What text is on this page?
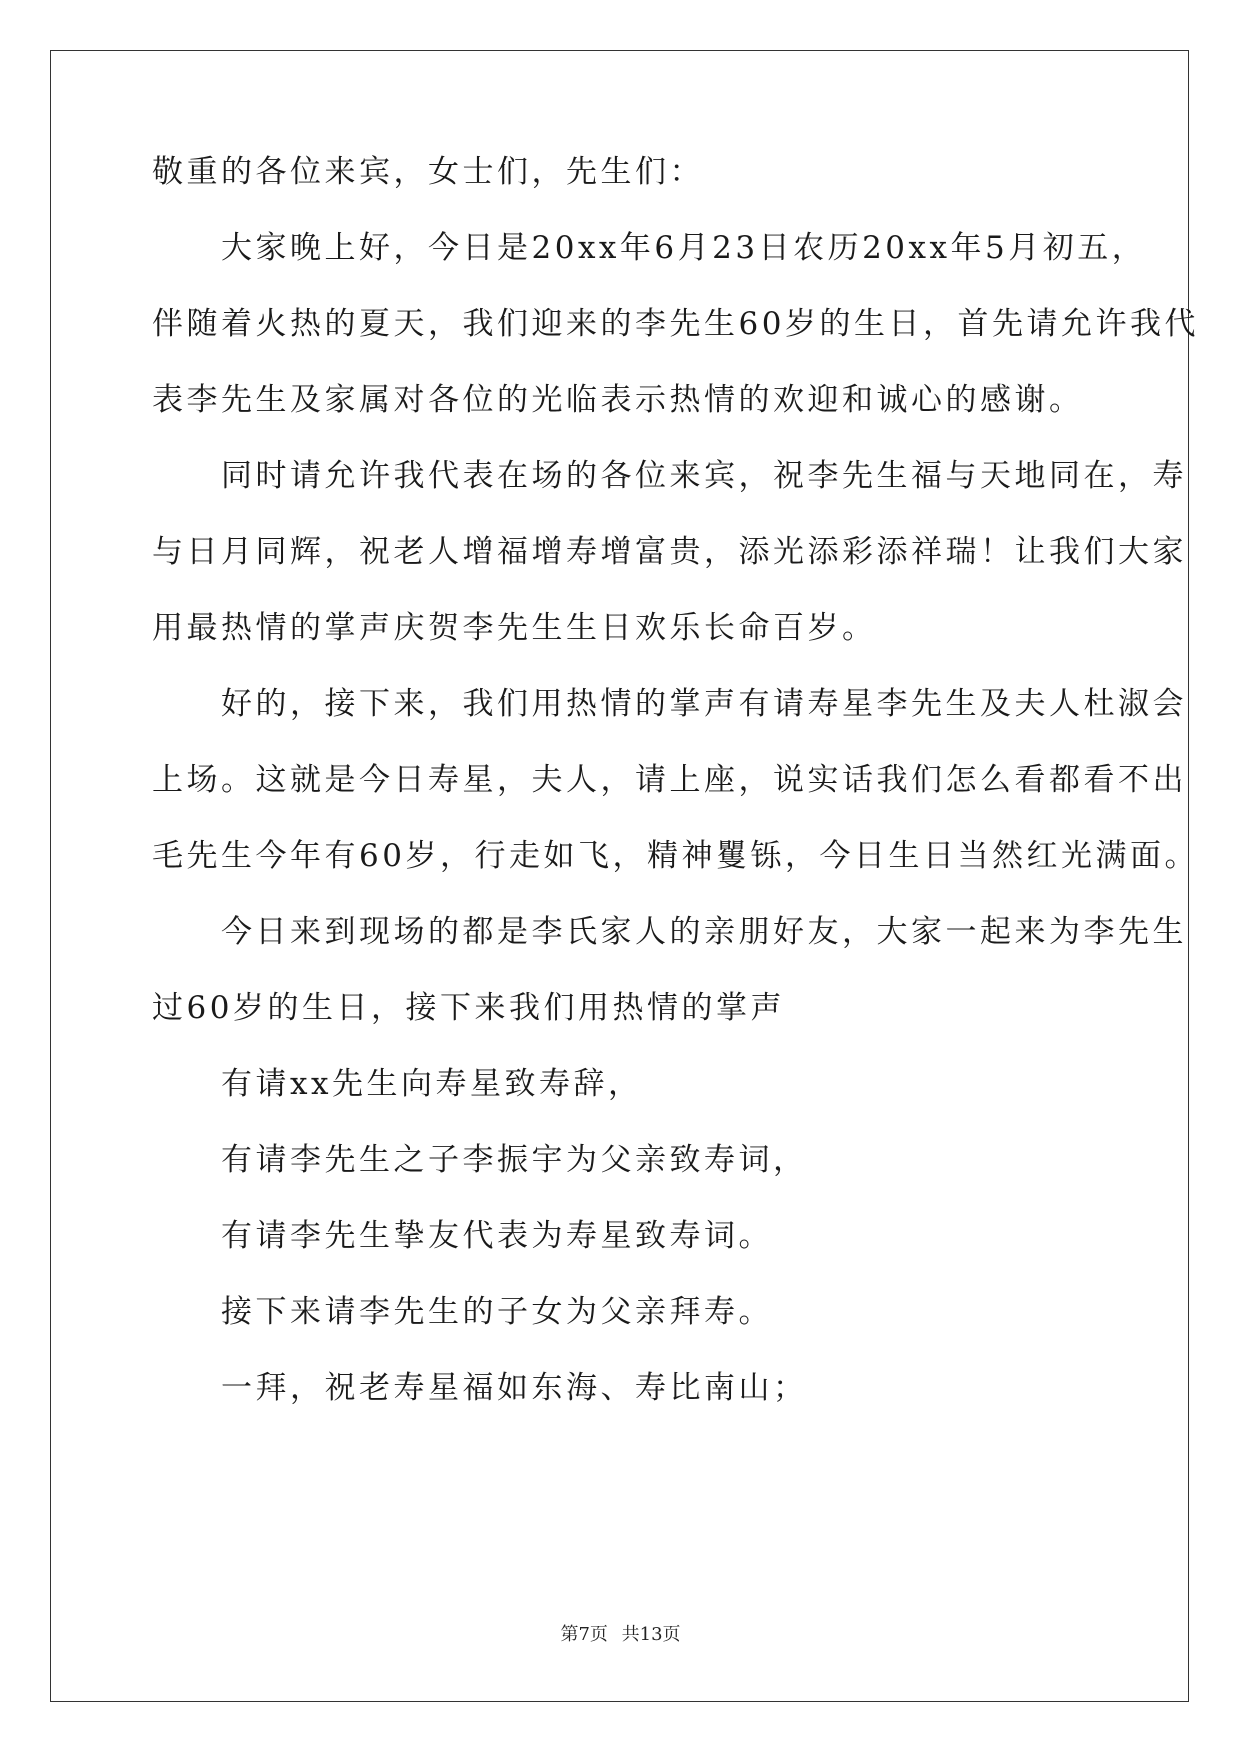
敬重的各位来宾，女士们，先生们：
　　大家晚上好，今日是20xx年6月23日农历20xx年5月初五，
伴随着火热的夏天，我们迎来的李先生60岁的生日，首先请允许我代
表李先生及家属对各位的光临表示热情的欢迎和诚心的感谢。
　　同时请允许我代表在场的各位来宾，祝李先生福与天地同在，寿
与日月同辉，祝老人增福增寿增富贵，添光添彩添祥瑞！让我们大家
用最热情的掌声庆贺李先生生日欢乐长命百岁。
　　好的，接下来，我们用热情的掌声有请寿星李先生及夫人杜淑会
上场。这就是今日寿星，夫人，请上座，说实话我们怎么看都看不出
毛先生今年有60岁，行走如飞，精神矍铄，今日生日当然红光满面。
　　今日来到现场的都是李氏家人的亲朋好友，大家一起来为李先生
过60岁的生日，接下来我们用热情的掌声
　　有请xx先生向寿星致寿辞，
　　有请李先生之子李振宇为父亲致寿词，
　　有请李先生挚友代表为寿星致寿词。
　　接下来请李先生的子女为父亲拜寿。
　　一拜，祝老寿星福如东海、寿比南山；
第7页 共13页
